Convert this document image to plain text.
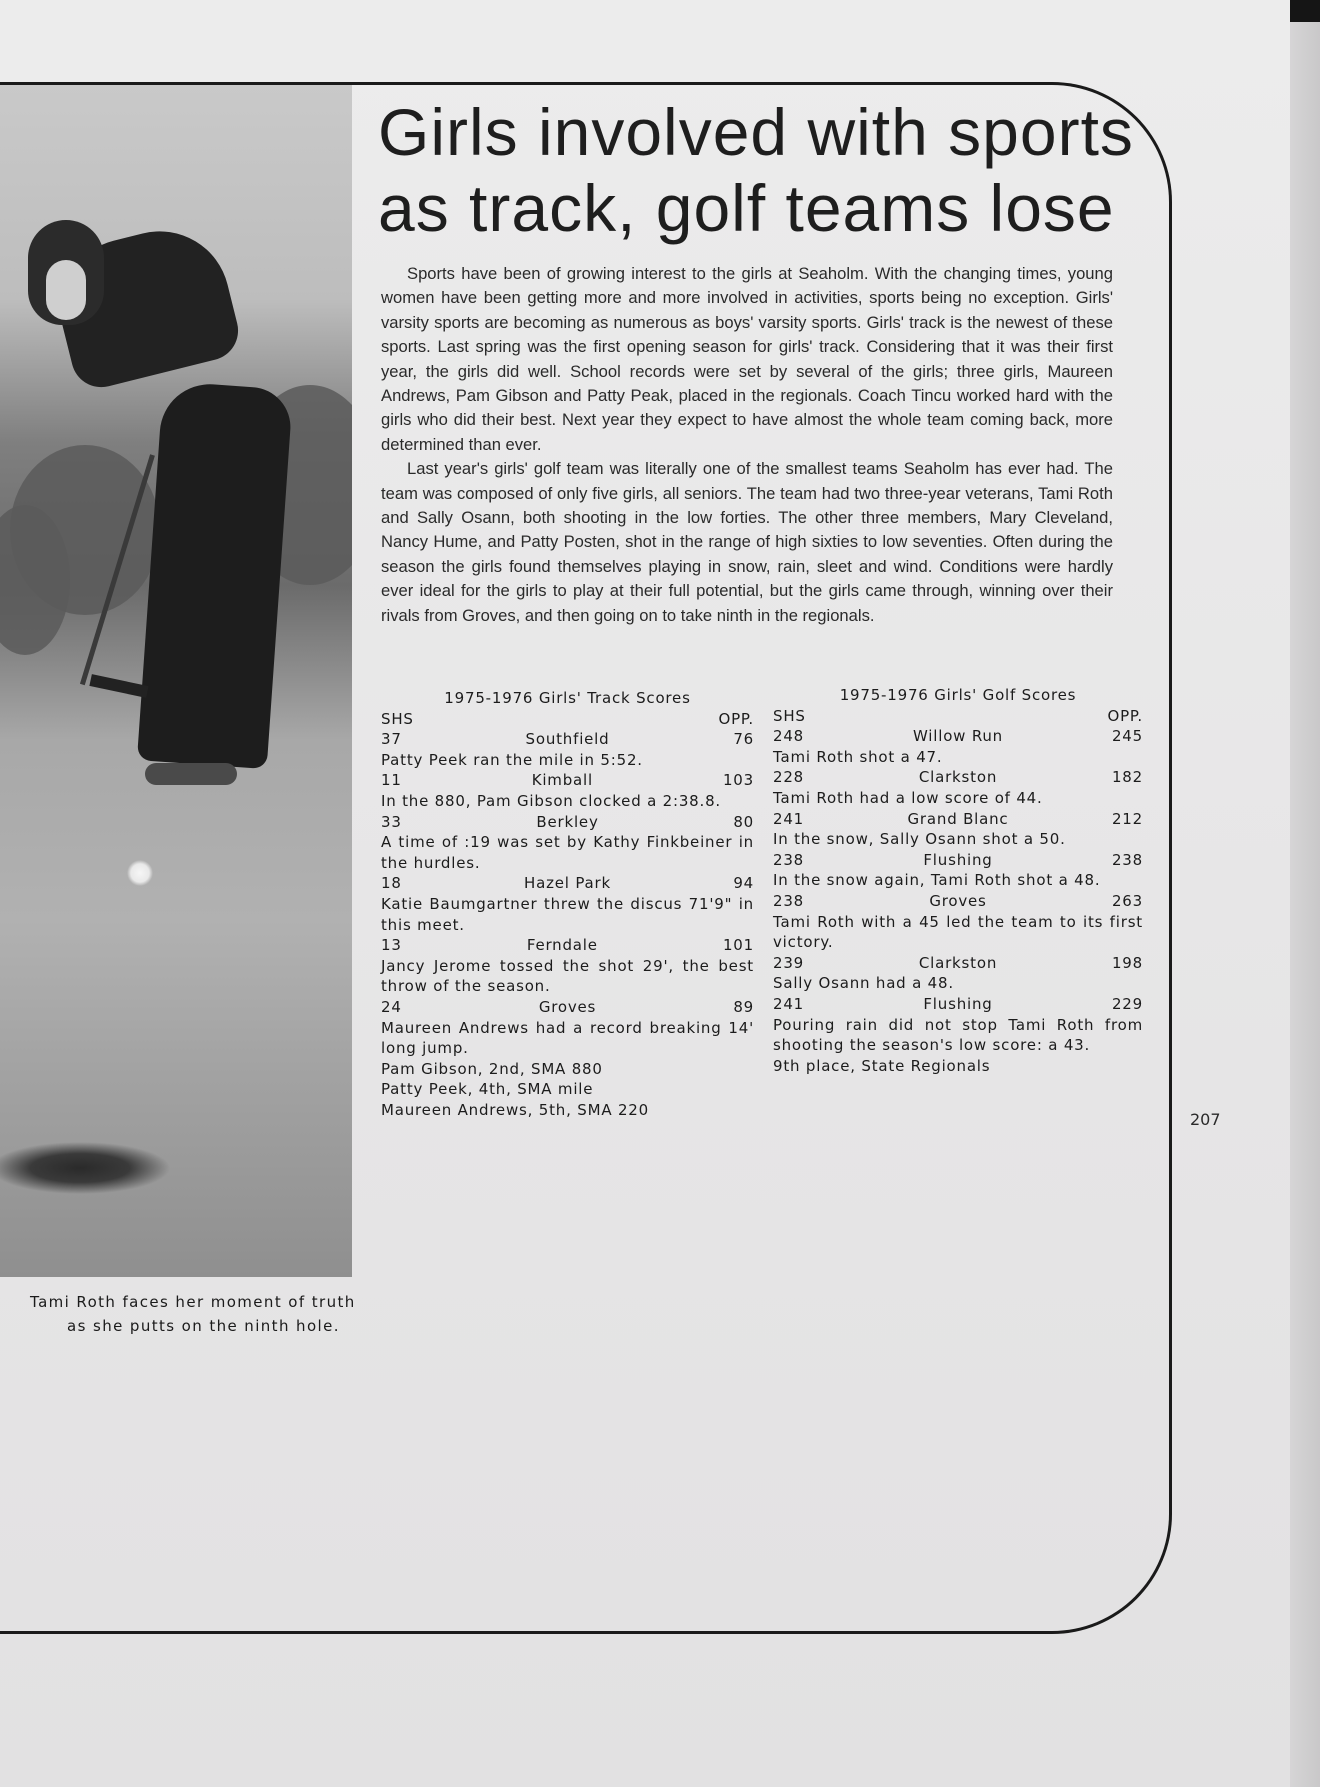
Tami Roth faces her moment of truth
as she putts on the ninth hole.
Girls involved with sports
as track, golf teams lose

Sports have been of growing interest to the girls at Seaholm. With the changing times, young women have been getting more and more involved in activities, sports being no exception. Girls' varsity sports are becoming as numerous as boys' varsity sports. Girls' track is the newest of these sports. Last spring was the first opening season for girls' track. Considering that it was their first year, the girls did well. School records were set by several of the girls; three girls, Maureen Andrews, Pam Gibson and Patty Peak, placed in the regionals. Coach Tincu worked hard with the girls who did their best. Next year they expect to have almost the whole team coming back, more determined than ever.

Last year's girls' golf team was literally one of the smallest teams Seaholm has ever had. The team was composed of only five girls, all seniors. The team had two three-year veterans, Tami Roth and Sally Osann, both shooting in the low forties. The other three members, Mary Cleveland, Nancy Hume, and Patty Posten, shot in the range of high sixties to low seventies. Often during the season the girls found themselves playing in snow, rain, sleet and wind. Conditions were hardly ever ideal for the girls to play at their full potential, but the girls came through, winning over their rivals from Groves, and then going on to take ninth in the regionals.

1975-1976 Girls' Track Scores
SHS	OPP.
37	Southfield	76
Patty Peek ran the mile in 5:52.
11	Kimball	103
In the 880, Pam Gibson clocked a 2:38.8.
33	Berkley	80
A time of :19 was set by Kathy Finkbeiner in the hurdles.
18	Hazel Park	94
Katie Baumgartner threw the discus 71'9" in this meet.
13	Ferndale	101
Jancy Jerome tossed the shot 29', the best throw of the season.
24	Groves	89
Maureen Andrews had a record breaking 14' long jump.
Pam Gibson, 2nd, SMA 880
Patty Peek, 4th, SMA mile
Maureen Andrews, 5th, SMA 220
1975-1976 Girls' Golf Scores
SHS	OPP.
248	Willow Run	245
Tami Roth shot a 47.
228	Clarkston	182
Tami Roth had a low score of 44.
241	Grand Blanc	212
In the snow, Sally Osann shot a 50.
238	Flushing	238
In the snow again, Tami Roth shot a 48.
238	Groves	263
Tami Roth with a 45 led the team to its first victory.
239	Clarkston	198
Sally Osann had a 48.
241	Flushing	229
Pouring rain did not stop Tami Roth from shooting the season's low score: a 43.
9th place, State Regionals
207
